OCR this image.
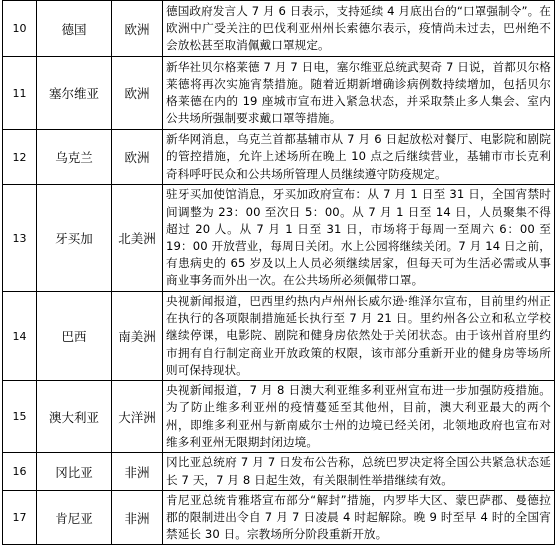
10	德国	欧洲	德国政府发言人 7 月 6 日表示，支持延续 4 月底出台的“口罩强制令”。在欧洲中广受关注的巴伐利亚州州长索德尔表示，疫情尚未过去，巴州绝不会放松甚至取消佩戴口罩规定。
11	塞尔维亚	欧洲	新华社贝尔格莱德 7 月 7 日电，塞尔维亚总统武契奇 7 日说，首都贝尔格莱德将再次实施宵禁措施。随着近期新增确诊病例数持续增加，包括贝尔格莱德在内的 19 座城市宣布进入紧急状态，并采取禁止多人集会、室内公共场所强制要求戴口罩等措施。
12	乌克兰	欧洲	新华网消息，乌克兰首都基辅市从 7 月 6 日起放松对餐厅、电影院和剧院的管控措施，允许上述场所在晚上 10 点之后继续营业，基辅市市长克利奇科呼吁民众和公共场所管理人员继续遵守防疫规定。
13	牙买加	北美洲	驻牙买加使馆消息，牙买加政府宣布：从 7 月 1 日至 31 日，全国宵禁时间调整为 23：00 至次日 5：00。从 7 月 1 日至 14 日，人员聚集不得超过 20 人。从 7 月 1 日至 31 日，市场将于每周一至周六 6：00 至 19：00 开放营业，每周日关闭。水上公园将继续关闭。7 月 14 日之前，有患病史的 65 岁及以上人员必须继续居家，但每天可为生活必需或从事商业事务而外出一次。在公共场所必须佩带口罩。
14	巴西	南美洲	央视新闻报道，巴西里约热内卢州州长威尔逊·维泽尔宣布，目前里约州正在执行的各项限制措施延长执行至 7 月 21 日。里约州各公立和私立学校继续停课，电影院、剧院和健身房依然处于关闭状态。由于该州首府里约市拥有自行制定商业开放政策的权限，该市部分重新开业的健身房等场所则可保持现状。
15	澳大利亚	大洋洲	央视新闻报道，7 月 8 日澳大利亚维多利亚州宣布进一步加强防疫措施。为了防止维多利亚州的疫情蔓延至其他州，目前，澳大利亚最大的两个州，即维多利亚州与新南威尔士州的边境已经关闭，北领地政府也宣布对维多利亚州无限期封闭边境。
16	冈比亚	非洲	冈比亚总统府 7 月 7 日发布公告称，总统巴罗决定将全国公共紧急状态延长 7 天，7 月 8 日起生效，有关限制性举措继续有效。
17	肯尼亚	非洲	肯尼亚总统肯雅塔宣布部分“解封”措施，内罗毕大区、蒙巴萨郡、曼德拉郡的限制进出令自 7 月 7 日凌晨 4 时起解除。晚 9 时至早 4 时的全国宵禁延长 30 日。宗教场所分阶段重新开放。
